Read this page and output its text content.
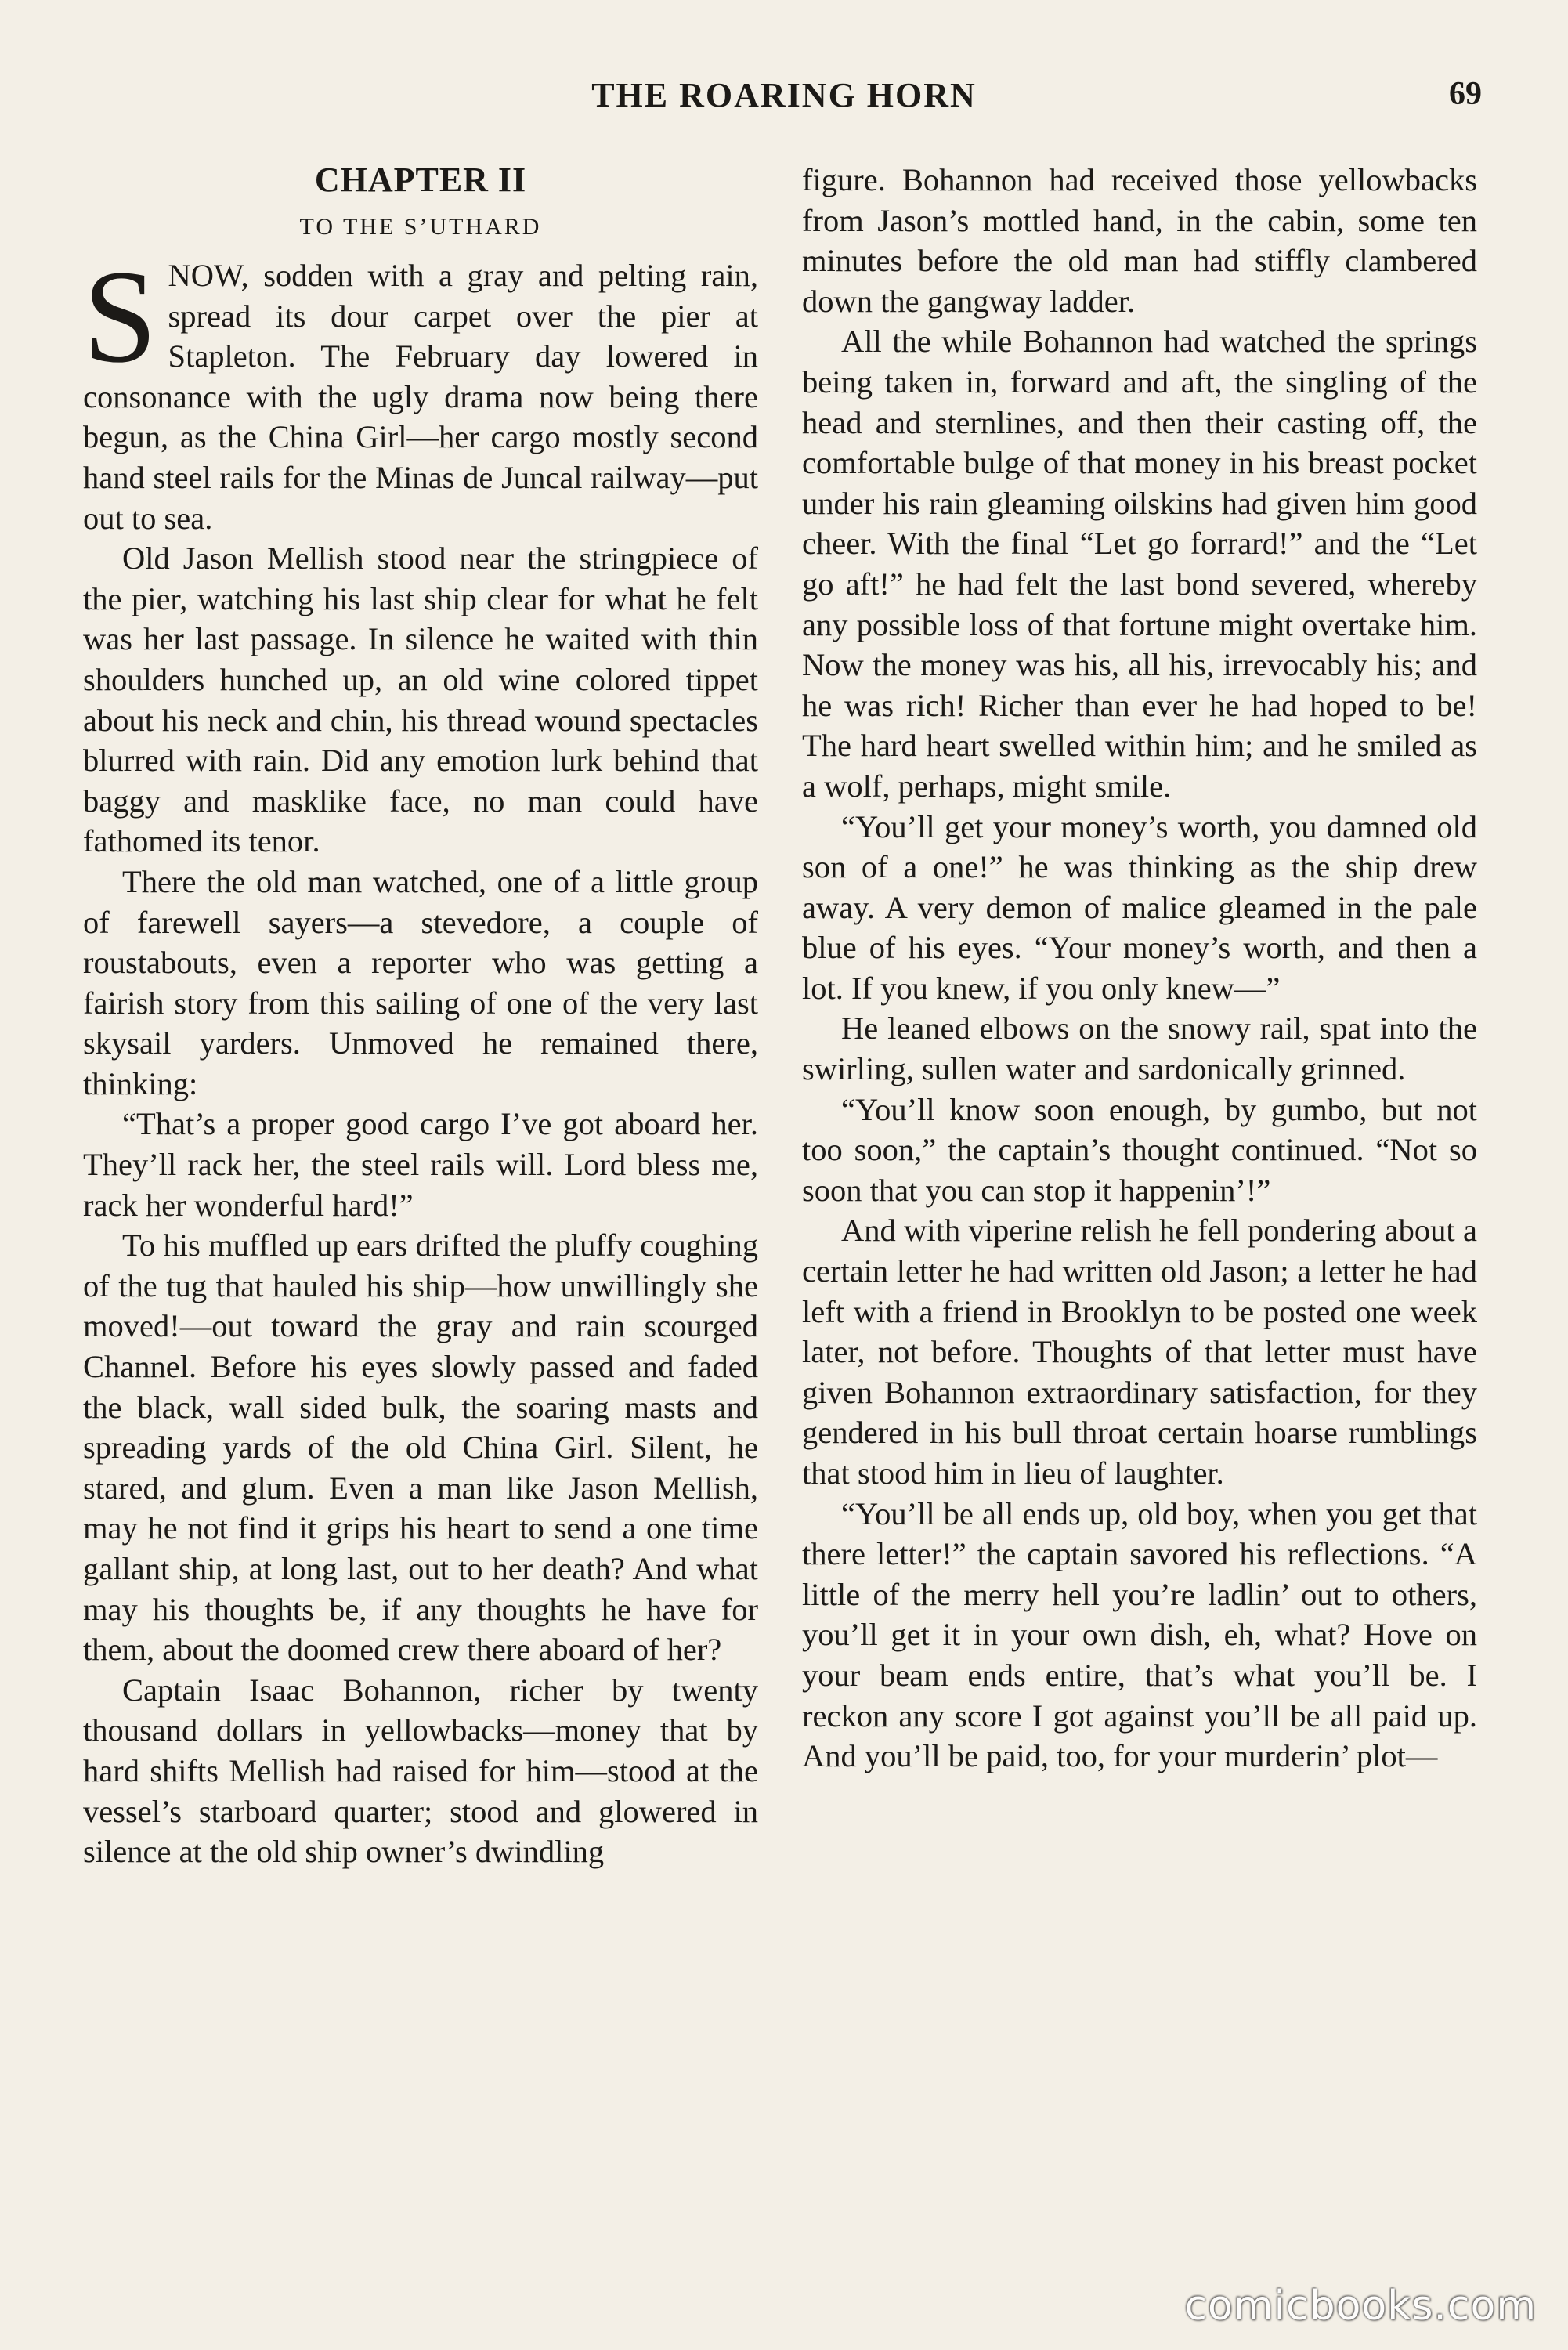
THE ROARING HORN	69
CHAPTER II
TO THE S’UTHARD

SNOW, sodden with a gray and pelting rain, spread its dour carpet over the pier at Stapleton. The February day lowered in consonance with the ugly drama now being there begun, as the China Girl—her cargo mostly second hand steel rails for the Minas de Juncal railway—put out to sea.

Old Jason Mellish stood near the stringpiece of the pier, watching his last ship clear for what he felt was her last passage. In silence he waited with thin shoulders hunched up, an old wine colored tippet about his neck and chin, his thread wound spectacles blurred with rain. Did any emotion lurk behind that baggy and masklike face, no man could have fathomed its tenor.

There the old man watched, one of a little group of farewell sayers—a stevedore, a couple of roustabouts, even a reporter who was getting a fairish story from this sailing of one of the very last skysail yarders. Unmoved he remained there, thinking:

“That’s a proper good cargo I’ve got aboard her. They’ll rack her, the steel rails will. Lord bless me, rack her wonderful hard!”

To his muffled up ears drifted the pluffy coughing of the tug that hauled his ship—how unwillingly she moved!—out toward the gray and rain scourged Channel. Before his eyes slowly passed and faded the black, wall sided bulk, the soaring masts and spreading yards of the old China Girl. Silent, he stared, and glum. Even a man like Jason Mellish, may he not find it grips his heart to send a one time gallant ship, at long last, out to her death? And what may his thoughts be, if any thoughts he have for them, about the doomed crew there aboard of her?

Captain Isaac Bohannon, richer by twenty thousand dollars in yellowbacks—money that by hard shifts Mellish had raised for him—stood at the vessel’s starboard quarter; stood and glowered in silence at the old ship owner’s dwindling

figure. Bohannon had received those yellowbacks from Jason’s mottled hand, in the cabin, some ten minutes before the old man had stiffly clambered down the gangway ladder.

All the while Bohannon had watched the springs being taken in, forward and aft, the singling of the head and sternlines, and then their casting off, the comfortable bulge of that money in his breast pocket under his rain gleaming oilskins had given him good cheer. With the final “Let go forrard!” and the “Let go aft!” he had felt the last bond severed, whereby any possible loss of that fortune might overtake him. Now the money was his, all his, irrevocably his; and he was rich! Richer than ever he had hoped to be! The hard heart swelled within him; and he smiled as a wolf, perhaps, might smile.

“You’ll get your money’s worth, you damned old son of a one!” he was thinking as the ship drew away. A very demon of malice gleamed in the pale blue of his eyes. “Your money’s worth, and then a lot. If you knew, if you only knew—”

He leaned elbows on the snowy rail, spat into the swirling, sullen water and sardonically grinned.

“You’ll know soon enough, by gumbo, but not too soon,” the captain’s thought continued. “Not so soon that you can stop it happenin’!”

And with viperine relish he fell pondering about a certain letter he had written old Jason; a letter he had left with a friend in Brooklyn to be posted one week later, not before. Thoughts of that letter must have given Bohannon extraordinary satisfaction, for they gendered in his bull throat certain hoarse rumblings that stood him in lieu of laughter.

“You’ll be all ends up, old boy, when you get that there letter!” the captain savored his reflections. “A little of the merry hell you’re ladlin’ out to others, you’ll get it in your own dish, eh, what? Hove on your beam ends entire, that’s what you’ll be. I reckon any score I got against you’ll be all paid up. And you’ll be paid, too, for your murderin’ plot—

comicbooks.com
